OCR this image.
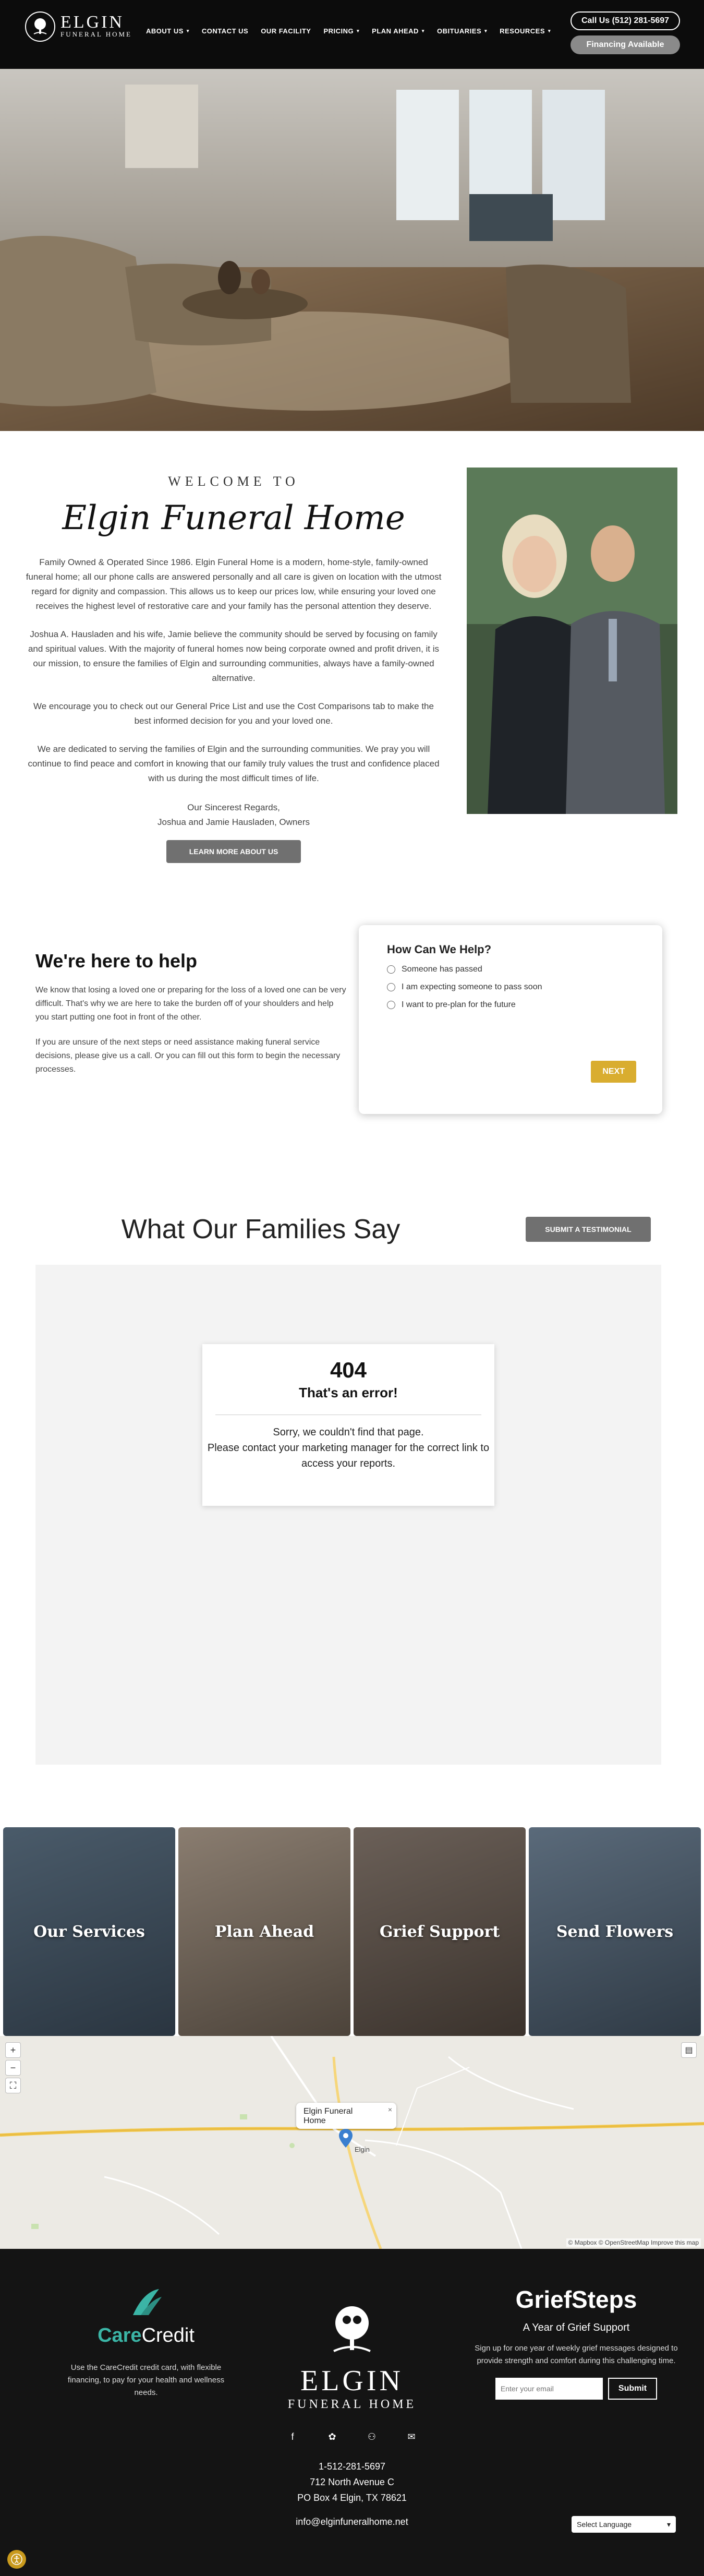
ELGIN
FUNERAL HOME ABOUT US ▾ CONTACT US OUR FACILITY PRICING ▾ PLAN AHEAD ▾ OBITUARIES ▾ RESOURCES ▾
Call Us (512) 281-5697
Financing Available
WELCOME TO
Elgin Funeral Home

Family Owned & Operated Since 1986. Elgin Funeral Home is a modern, home-style, family-owned funeral home; all our phone calls are answered personally and all care is given on location with the utmost regard for dignity and compassion. This allows us to keep our prices low, while ensuring your loved one receives the highest level of restorative care and your family has the personal attention they deserve.

Joshua A. Hausladen and his wife, Jamie believe the community should be served by focusing on family and spiritual values. With the majority of funeral homes now being corporate owned and profit driven, it is our mission, to ensure the families of Elgin and surrounding communities, always have a family-owned alternative.

We encourage you to check out our General Price List and use the Cost Comparisons tab to make the best informed decision for you and your loved one.

We are dedicated to serving the families of Elgin and the surrounding communities. We pray you will continue to find peace and comfort in knowing that our family truly values the trust and confidence placed with us during the most difficult times of life.

Our Sincerest Regards,
Joshua and Jamie Hausladen, Owners
LEARN MORE ABOUT US
We're here to help

We know that losing a loved one or preparing for the loss of a loved one can be very difficult. That's why we are here to take the burden off of your shoulders and help you start putting one foot in front of the other.

If you are unsure of the next steps or need assistance making funeral service decisions, please give us a call. Or you can fill out this form to begin the necessary processes.

How Can We Help?
Someone has passed
I am expecting someone to pass soon
I want to pre-plan for the future
NEXT
What Our Families Say	SUBMIT A TESTIMONIAL
404
That's an error!
Sorry, we couldn't find that page.
Please contact your marketing manager for the correct link to access your reports.
Our Services	Plan Ahead	Grief Support	Send Flowers
+
−
⛶
▤
×
Elgin Funeral
Home
Elgin
© Mapbox © OpenStreetMap Improve this map
CareCredit
Use the CareCredit credit card, with flexible financing, to pay for your health and wellness needs.	ELGIN
FUNERAL HOME
f	✿	⚇	✉
1-512-281-5697
712 North Avenue C
PO Box 4 Elgin, TX 78621
info@elginfuneralhome.net
GriefSteps
A Year of Grief Support
Sign up for one year of weekly grief messages designed to provide strength and comfort during this challenging time.
Enter your email
Submit
Select Language	▾
